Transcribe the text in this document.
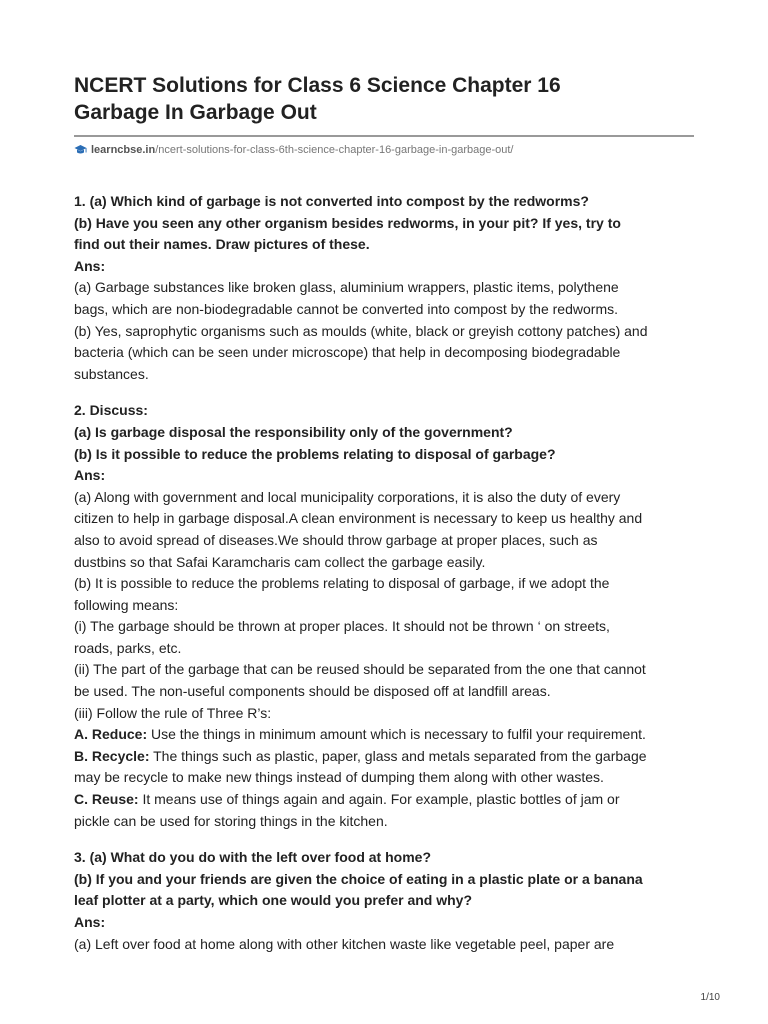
NCERT Solutions for Class 6 Science Chapter 16
Garbage In Garbage Out
learncbse.in/ncert-solutions-for-class-6th-science-chapter-16-garbage-in-garbage-out/

1. (a) Which kind of garbage is not converted into compost by the redworms?

(b) Have you seen any other organism besides redworms, in your pit? If yes, try to

find out their names. Draw pictures of these.

Ans:

(a) Garbage substances like broken glass, aluminium wrappers, plastic items, polythene

bags, which are non-biodegradable cannot be converted into compost by the redworms.

(b) Yes, saprophytic organisms such as moulds (white, black or greyish cottony patches) and

bacteria (which can be seen under microscope) that help in decomposing biodegradable

substances.

2. Discuss:

(a) Is garbage disposal the responsibility only of the government?

(b) Is it possible to reduce the problems relating to disposal of garbage?

Ans:

(a) Along with government and local municipality corporations, it is also the duty of every

citizen to help in garbage disposal.A clean environment is necessary to keep us healthy and

also to avoid spread of diseases.We should throw garbage at proper places, such as

dustbins so that Safai Karamcharis cam collect the garbage easily.

(b) It is possible to reduce the problems relating to disposal of garbage, if we adopt the

following means:

(i) The garbage should be thrown at proper places. It should not be thrown ‘ on streets,

roads, parks, etc.

(ii) The part of the garbage that can be reused should be separated from the one that cannot

be used. The non-useful components should be disposed off at landfill areas.

(iii) Follow the rule of Three R’s:

A. Reduce: Use the things in minimum amount which is necessary to fulfil your requirement.

B. Recycle: The things such as plastic, paper, glass and metals separated from the garbage

may be recycle to make new things instead of dumping them along with other wastes.

C. Reuse: It means use of things again and again. For example, plastic bottles of jam or

pickle can be used for storing things in the kitchen.

3. (a) What do you do with the left over food at home?

(b) If you and your friends are given the choice of eating in a plastic plate or a banana

leaf plotter at a party, which one would you prefer and why?

Ans:

(a) Left over food at home along with other kitchen waste like vegetable peel, paper are

1/10
